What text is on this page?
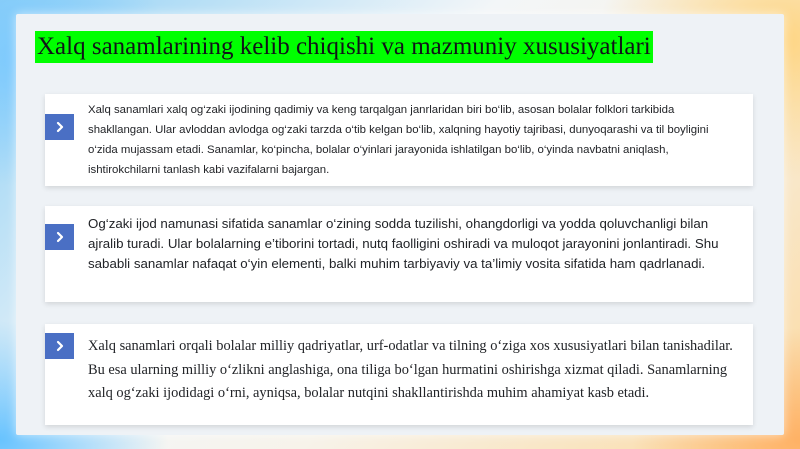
Xalq sanamlarining kelib chiqishi va mazmuniy xususiyatlari
Xalq sanamlari xalq og‘zaki ijodining qadimiy va keng tarqalgan janrlaridan biri bo‘lib, asosan bolalar folklori tarkibida shakllangan. Ular avloddan avlodga og‘zaki tarzda o‘tib kelgan bo‘lib, xalqning hayotiy tajribasi, dunyoqarashi va til boyligini o‘zida mujassam etadi. Sanamlar, ko‘pincha, bolalar o‘yinlari jarayonida ishlatilgan bo‘lib, o‘yinda navbatni aniqlash, ishtirokchilarni tanlash kabi vazifalarni bajargan.
Og‘zaki ijod namunasi sifatida sanamlar o‘zining sodda tuzilishi, ohangdorligi va yodda qoluvchanligi bilan ajralib turadi. Ular bolalarning e’tiborini tortadi, nutq faolligini oshiradi va muloqot jarayonini jonlantiradi. Shu sababli sanamlar nafaqat o‘yin elementi, balki muhim tarbiyaviy va ta’limiy vosita sifatida ham qadrlanadi.
Xalq sanamlari orqali bolalar milliy qadriyatlar, urf-odatlar va tilning o‘ziga xos xususiyatlari bilan tanishadilar. Bu esa ularning milliy o‘zlikni anglashiga, ona tiliga bo‘lgan hurmatini oshirishga xizmat qiladi. Sanamlarning xalq og‘zaki ijodidagi o‘rni, ayniqsa, bolalar nutqini shakllantirishda muhim ahamiyat kasb etadi.
